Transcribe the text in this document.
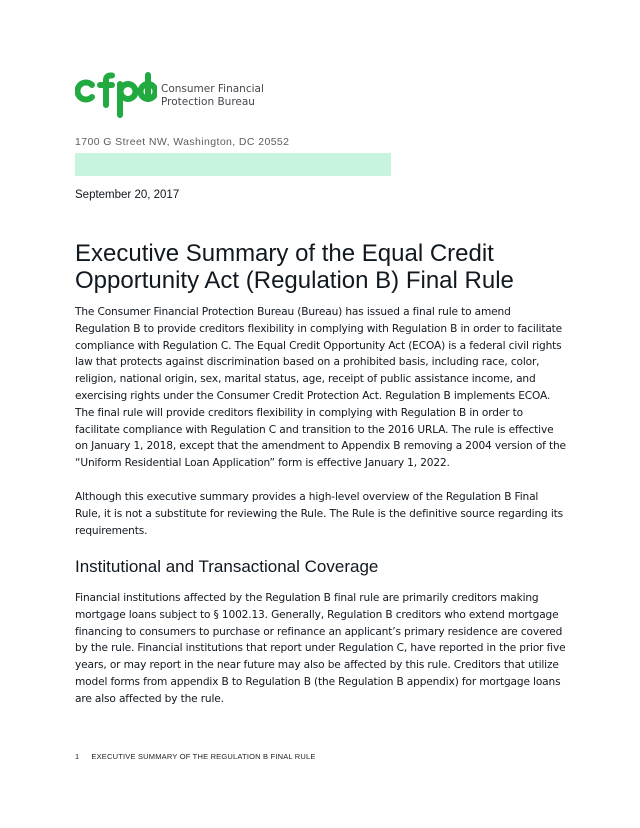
Consumer Financial
Protection Bureau
1700 G Street NW, Washington, DC 20552
September 20, 2017
Executive Summary of the Equal Credit Opportunity Act (Regulation B) Final Rule

The Consumer Financial Protection Bureau (Bureau) has issued a final rule to amend Regulation B to provide creditors flexibility in complying with Regulation B in order to facilitate compliance with Regulation C. The Equal Credit Opportunity Act (ECOA) is a federal civil rights law that protects against discrimination based on a prohibited basis, including race, color, religion, national origin, sex, marital status, age, receipt of public assistance income, and exercising rights under the Consumer Credit Protection Act. Regulation B implements ECOA. The final rule will provide creditors flexibility in complying with Regulation B in order to facilitate compliance with Regulation C and transition to the 2016 URLA. The rule is effective on January 1, 2018, except that the amendment to Appendix B removing a 2004 version of the “Uniform Residential Loan Application” form is effective January 1, 2022.

Although this executive summary provides a high-level overview of the Regulation B Final Rule, it is not a substitute for reviewing the Rule. The Rule is the definitive source regarding its requirements.

Institutional and Transactional Coverage

Financial institutions affected by the Regulation B final rule are primarily creditors making mortgage loans subject to § 1002.13. Generally, Regulation B creditors who extend mortgage financing to consumers to purchase or refinance an applicant’s primary residence are covered by the rule. Financial institutions that report under Regulation C, have reported in the prior five years, or may report in the near future may also be affected by this rule. Creditors that utilize model forms from appendix B to Regulation B (the Regulation B appendix) for mortgage loans are also affected by the rule.

1 EXECUTIVE SUMMARY OF THE REGULATION B FINAL RULE
